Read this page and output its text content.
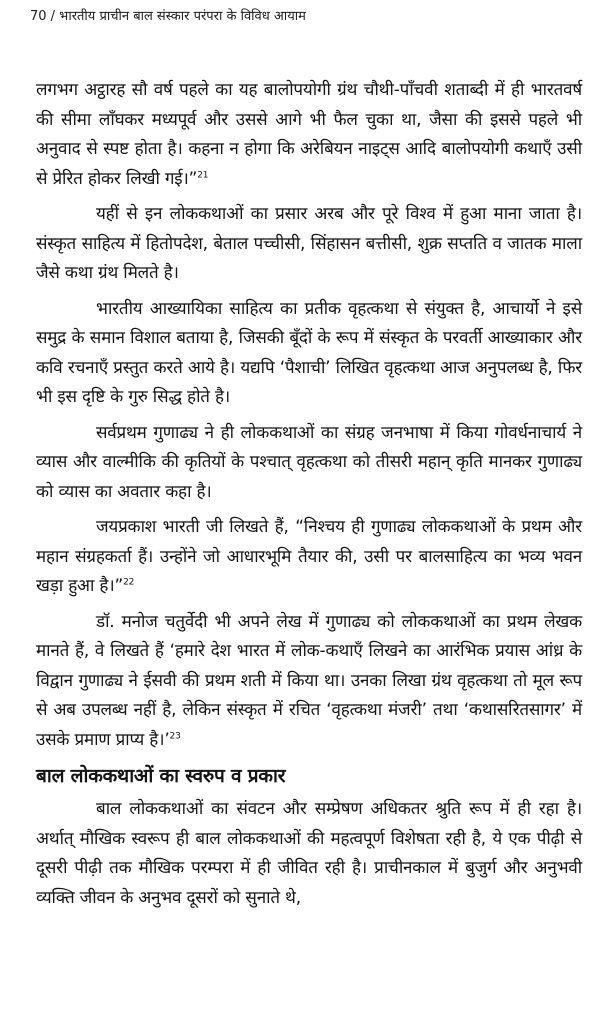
70 / भारतीय प्राचीन बाल संस्कार परंपरा के विविध आयाम

लगभग अट्ठारह सौ वर्ष पहले का यह बालोपयोगी ग्रंथ चौथी-पाँचवी शताब्दी में ही भारतवर्ष की सीमा लाँघकर मध्यपूर्व और उससे आगे भी फैल चुका था, जैसा की इससे पहले भी अनुवाद से स्पष्ट होता है। कहना न होगा कि अरेबियन नाइट्स आदि बालोपयोगी कथाएँ उसी से प्रेरित होकर लिखी गई।”$^{21}$

यहीं से इन लोककथाओं का प्रसार अरब और पूरे विश्व में हुआ माना जाता है। संस्कृत साहित्य में हितोपदेश, बेताल पच्चीसी, सिंहासन बत्तीसी, शुक्र सप्तति व जातक माला जैसे कथा ग्रंथ मिलते है।

भारतीय आख्यायिका साहित्य का प्रतीक वृहत्कथा से संयुक्त है, आचार्यो ने इसे समुद्र के समान विशाल बताया है, जिसकी बूँदों के रूप में संस्कृत के परवर्ती आख्याकार और कवि रचनाएँ प्रस्तुत करते आये है। यद्यपि ‘पैशाची’ लिखित वृहत्कथा आज अनुपलब्ध है, फिर भी इस दृष्टि के गुरु सिद्ध होते है।

सर्वप्रथम गुणाढ्य ने ही लोककथाओं का संग्रह जनभाषा में किया गोवर्धनाचार्य ने व्यास और वाल्मीकि की कृतियों के पश्चात् वृहत्कथा को तीसरी महान् कृति मानकर गुणाढ्य को व्यास का अवतार कहा है।

जयप्रकाश भारती जी लिखते हैं, “निश्चय ही गुणाढ्य लोककथाओं के प्रथम और महान संग्रहकर्ता हैं। उन्होंने जो आधारभूमि तैयार की, उसी पर बालसाहित्य का भव्य भवन खड़ा हुआ है।”$^{22}$

डॉ. मनोज चतुर्वेदी भी अपने लेख में गुणाढ्य को लोककथाओं का प्रथम लेखक मानते हैं, वे लिखते हैं ‘हमारे देश भारत में लोक-कथाएँ लिखने का आरंभिक प्रयास आंध्र के विद्वान गुणाढ्य ने ईसवी की प्रथम शती में किया था। उनका लिखा ग्रंथ वृहत्कथा तो मूल रूप से अब उपलब्ध नहीं है, लेकिन संस्कृत में रचित ‘वृहत्कथा मंजरी’ तथा ‘कथासरितसागर’ में उसके प्रमाण प्राप्य है।’$^{23}$

बाल लोककथाओं का स्वरुप व प्रकार

बाल लोककथाओं का संवटन और सम्प्रेषण अधिकतर श्रुति रूप में ही रहा है। अर्थात् मौखिक स्वरूप ही बाल लोककथाओं की महत्वपूर्ण विशेषता रही है, ये एक पीढ़ी से दूसरी पीढ़ी तक मौखिक परम्परा में ही जीवित रही है। प्राचीनकाल में बुजुर्ग और अनुभवी व्यक्ति जीवन के अनुभव दूसरों को सुनाते थे,
